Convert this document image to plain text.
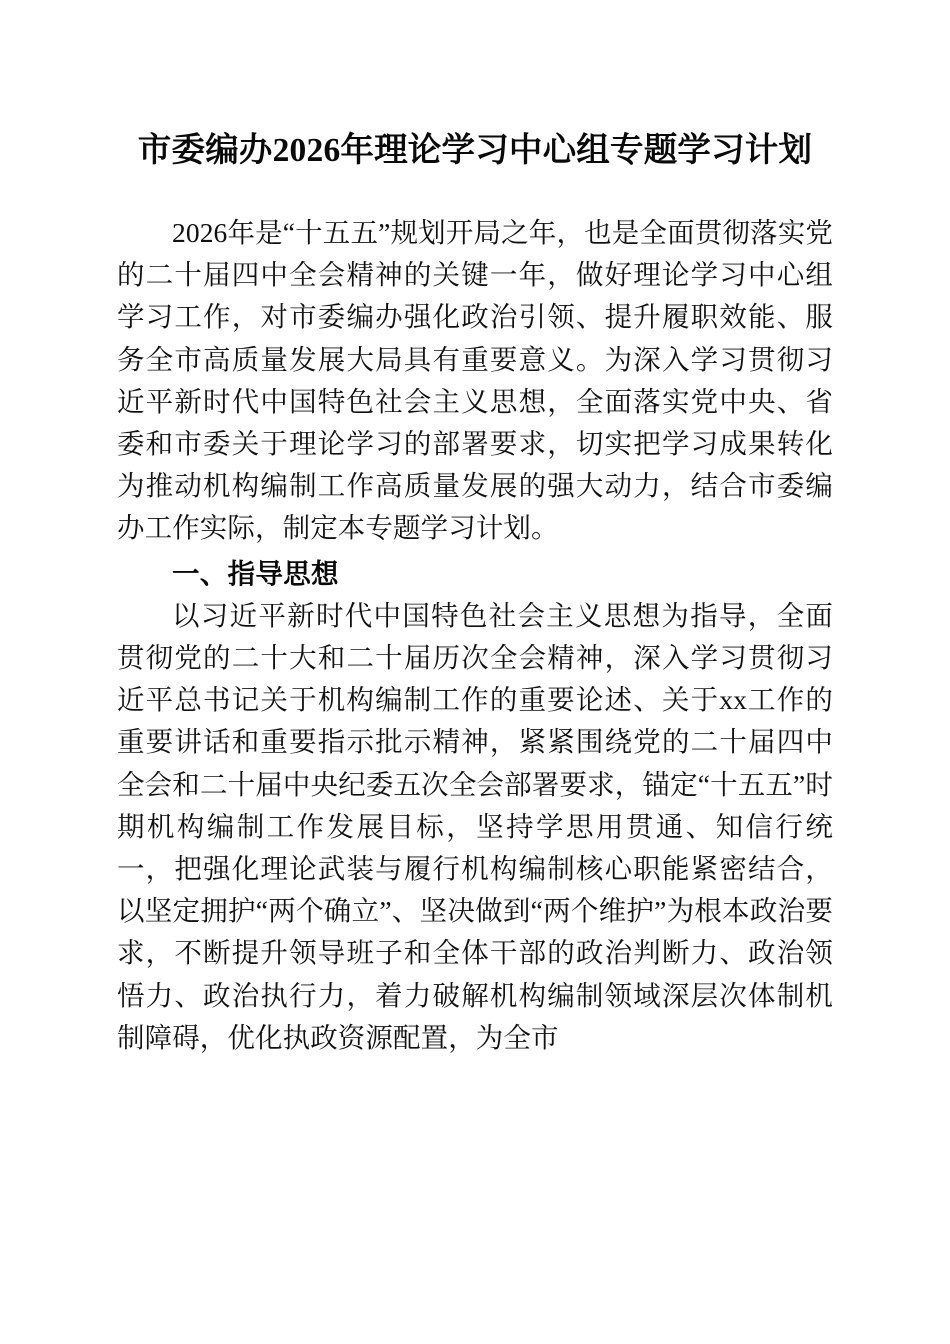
市委编办2026年理论学习中心组专题学习计划

2026年是“十五五”规划开局之年，也是全面贯彻落实党的二十届四中全会精神的关键一年，做好理论学习中心组学习工作，对市委编办强化政治引领、提升履职效能、服务全市高质量发展大局具有重要意义。为深入学习贯彻习近平新时代中国特色社会主义思想，全面落实党中央、省委和市委关于理论学习的部署要求，切实把学习成果转化为推动机构编制工作高质量发展的强大动力，结合市委编办工作实际，制定本专题学习计划。

一、指导思想

以习近平新时代中国特色社会主义思想为指导，全面贯彻党的二十大和二十届历次全会精神，深入学习贯彻习近平总书记关于机构编制工作的重要论述、关于xx工作的重要讲话和重要指示批示精神，紧紧围绕党的二十届四中全会和二十届中央纪委五次全会部署要求，锚定“十五五”时期机构编制工作发展目标，坚持学思用贯通、知信行统一，把强化理论武装与履行机构编制核心职能紧密结合，以坚定拥护“两个确立”、坚决做到“两个维护”为根本政治要求，不断提升领导班子和全体干部的政治判断力、政治领悟力、政治执行力，着力破解机构编制领域深层次体制机制障碍，优化执政资源配置，为全市
